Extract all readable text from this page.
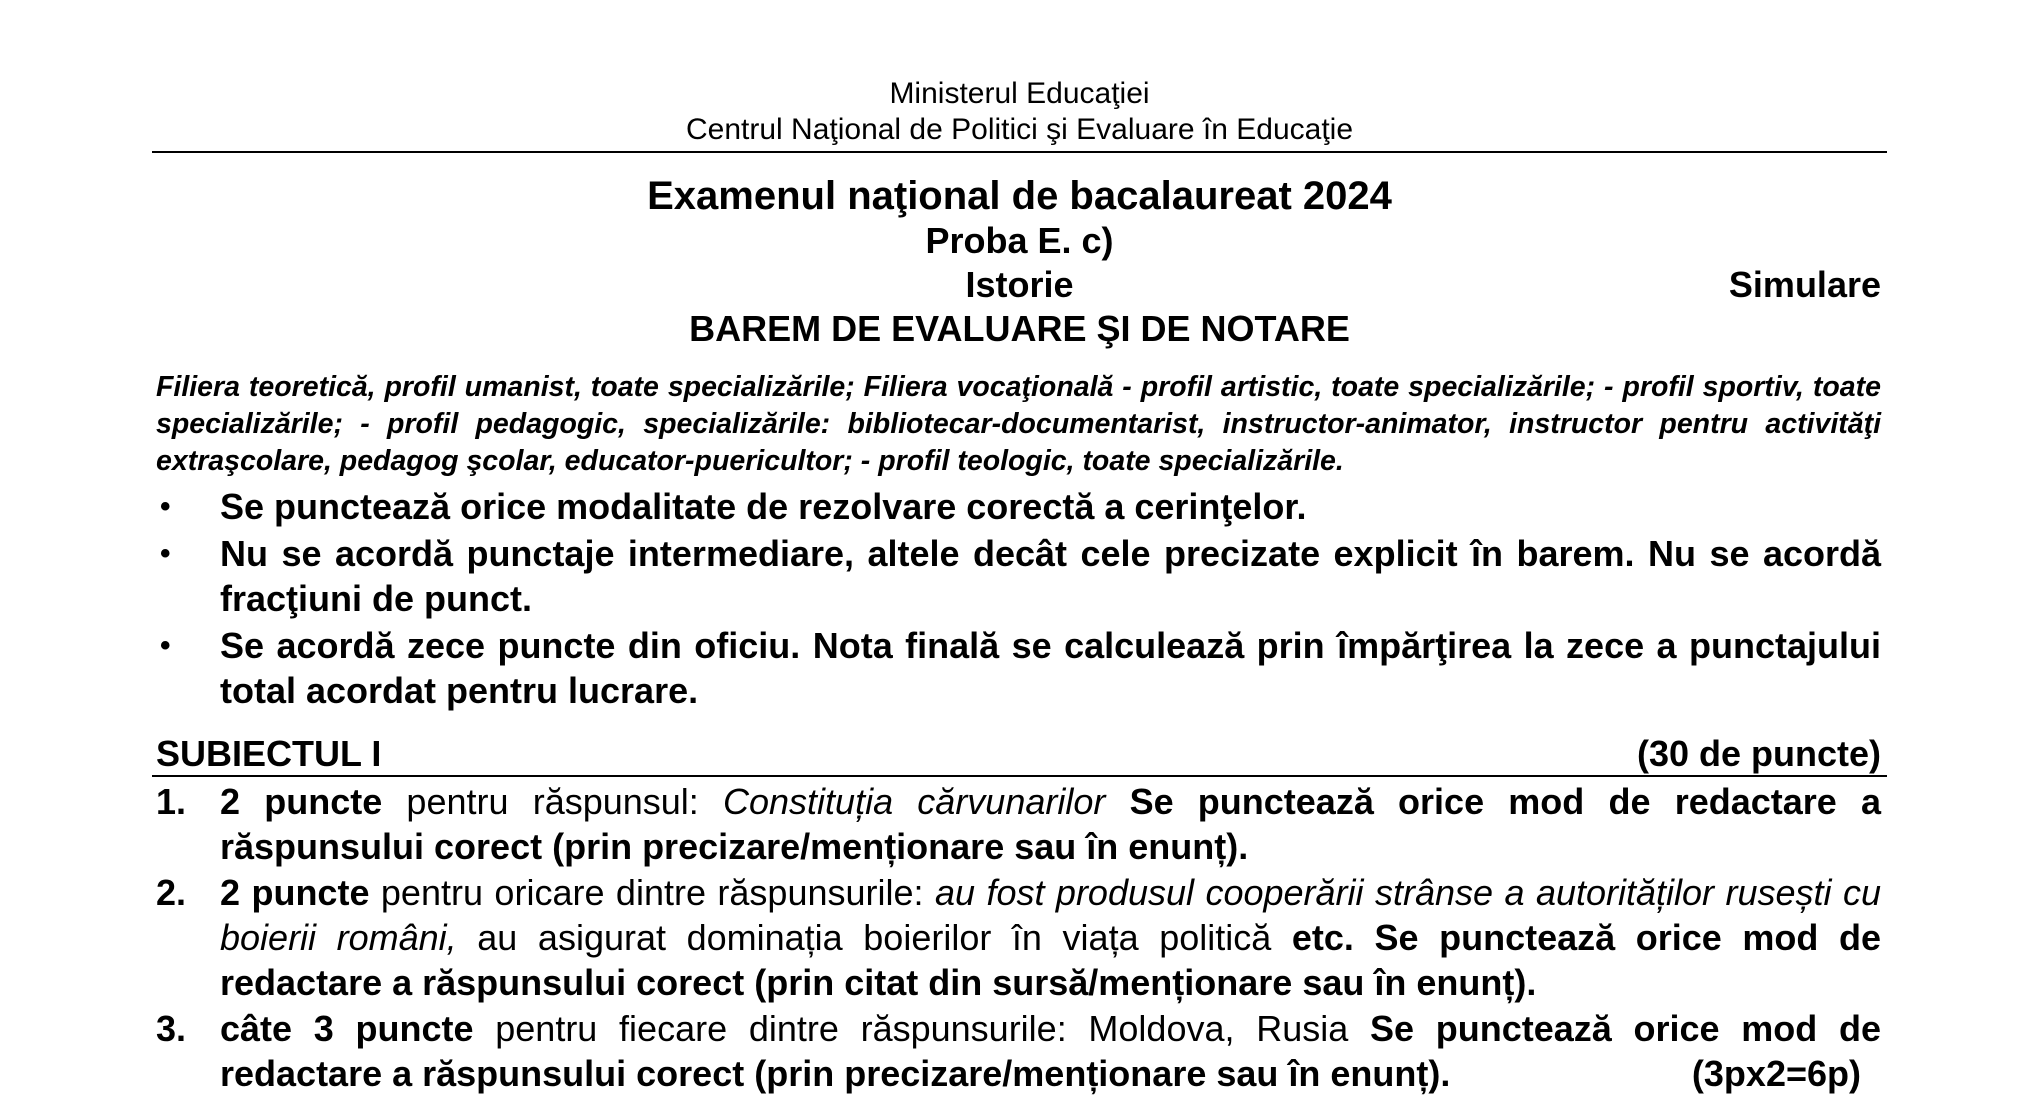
Ministerul Educaţiei
Centrul Naţional de Politici şi Evaluare în Educaţie
Examenul naţional de bacalaureat 2024
Proba E. c)
Istorie	Simulare
BAREM DE EVALUARE ŞI DE NOTARE
Filiera teoretică, profil umanist, toate specializările; Filiera vocaţională - profil artistic, toate specializările; - profil sportiv, toate specializările; - profil pedagogic, specializările: bibliotecar-documentarist, instructor-animator, instructor pentru activităţi extraşcolare, pedagog şcolar, educator-puericultor; - profil teologic, toate specializările.
• Se punctează orice modalitate de rezolvare corectă a cerinţelor.
• Nu se acordă punctaje intermediare, altele decât cele precizate explicit în barem. Nu se acordă fracţiuni de punct.
• Se acordă zece puncte din oficiu. Nota finală se calculează prin împărţirea la zece a punctajului total acordat pentru lucrare.
SUBIECTUL I	(30 de puncte)
1. 2 puncte pentru răspunsul: Constituția cărvunarilor Se punctează orice mod de redactare a răspunsului corect (prin precizare/menționare sau în enunț).
2. 2 puncte pentru oricare dintre răspunsurile: au fost produsul cooperării strânse a autorităților rusești cu boierii români, au asigurat dominația boierilor în viața politică etc. Se punctează orice mod de redactare a răspunsului corect (prin citat din sursă/menționare sau în enunț).
3. câte 3 puncte pentru fiecare dintre răspunsurile: Moldova, Rusia Se punctează orice mod de redactare a răspunsului corect (prin precizare/menționare sau în enunț).	(3px2=6p)
